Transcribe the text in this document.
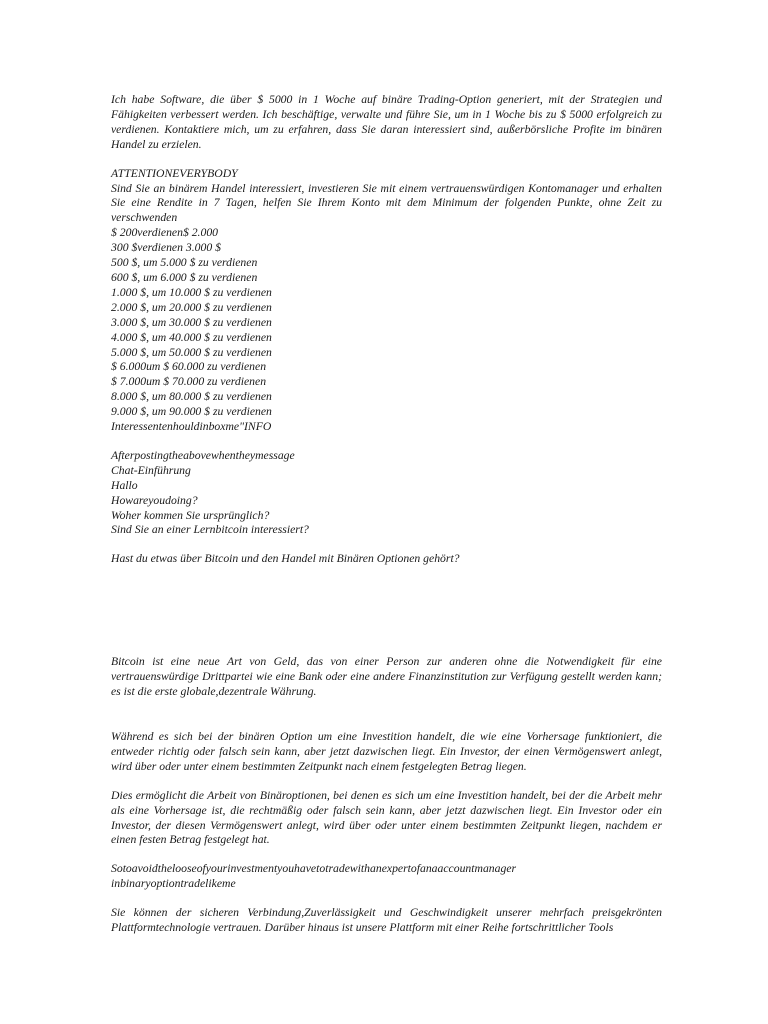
Ich habe Software, die über $ 5000 in 1 Woche auf binäre Trading-Option generiert, mit der Strategien und Fähigkeiten verbessert werden. Ich beschäftige, verwalte und führe Sie, um in 1 Woche bis zu $ 5000 erfolgreich zu verdienen. Kontaktiere mich, um zu erfahren, dass Sie daran interessiert sind, außerbörsliche Profite im binären Handel zu erzielen.

ATTENTIONEVERYBODY

Sind Sie an binärem Handel interessiert, investieren Sie mit einem vertrauenswürdigen Kontomanager und erhalten Sie eine Rendite in 7 Tagen, helfen Sie Ihrem Konto mit dem Minimum der folgenden Punkte, ohne Zeit zu verschwenden

$ 200verdienen$ 2.000

300 $verdienen 3.000 $

500 $, um 5.000 $ zu verdienen

600 $, um 6.000 $ zu verdienen

1.000 $, um 10.000 $ zu verdienen

2.000 $, um 20.000 $ zu verdienen

3.000 $, um 30.000 $ zu verdienen

4.000 $, um 40.000 $ zu verdienen

5.000 $, um 50.000 $ zu verdienen

$ 6.000um $ 60.000 zu verdienen

$ 7.000um $ 70.000 zu verdienen

8.000 $, um 80.000 $ zu verdienen

9.000 $, um 90.000 $ zu verdienen

Interessentenhouldinboxme"INFO

Afterpostingtheabovewhentheymessage

Chat-Einführung

Hallo

Howareyoudoing?

Woher kommen Sie ursprünglich?

Sind Sie an einer Lernbitcoin interessiert?

Hast du etwas über Bitcoin und den Handel mit Binären Optionen gehört?

Bitcoin ist eine neue Art von Geld, das von einer Person zur anderen ohne die Notwendigkeit für eine vertrauenswürdige Drittpartei wie eine Bank oder eine andere Finanzinstitution zur Verfügung gestellt werden kann; es ist die erste globale,dezentrale Währung.

Während es sich bei der binären Option um eine Investition handelt, die wie eine Vorhersage funktioniert, die entweder richtig oder falsch sein kann, aber jetzt dazwischen liegt. Ein Investor, der einen Vermögenswert anlegt, wird über oder unter einem bestimmten Zeitpunkt nach einem festgelegten Betrag liegen.

Dies ermöglicht die Arbeit von Binäroptionen, bei denen es sich um eine Investition handelt, bei der die Arbeit mehr als eine Vorhersage ist, die rechtmäßig oder falsch sein kann, aber jetzt dazwischen liegt. Ein Investor oder ein Investor, der diesen Vermögenswert anlegt, wird über oder unter einem bestimmten Zeitpunkt liegen, nachdem er einen festen Betrag festgelegt hat.

Sotoavoidthelooseofyourinvestmentyouhavetotradewithanexpertofanaaccountmanager

inbinaryoptiontradelikeme

Sie können der sicheren Verbindung,Zuverlässigkeit und Geschwindigkeit unserer mehrfach preisgekrönten Plattformtechnologie vertrauen. Darüber hinaus ist unsere Plattform mit einer Reihe fortschrittlicher Tools
